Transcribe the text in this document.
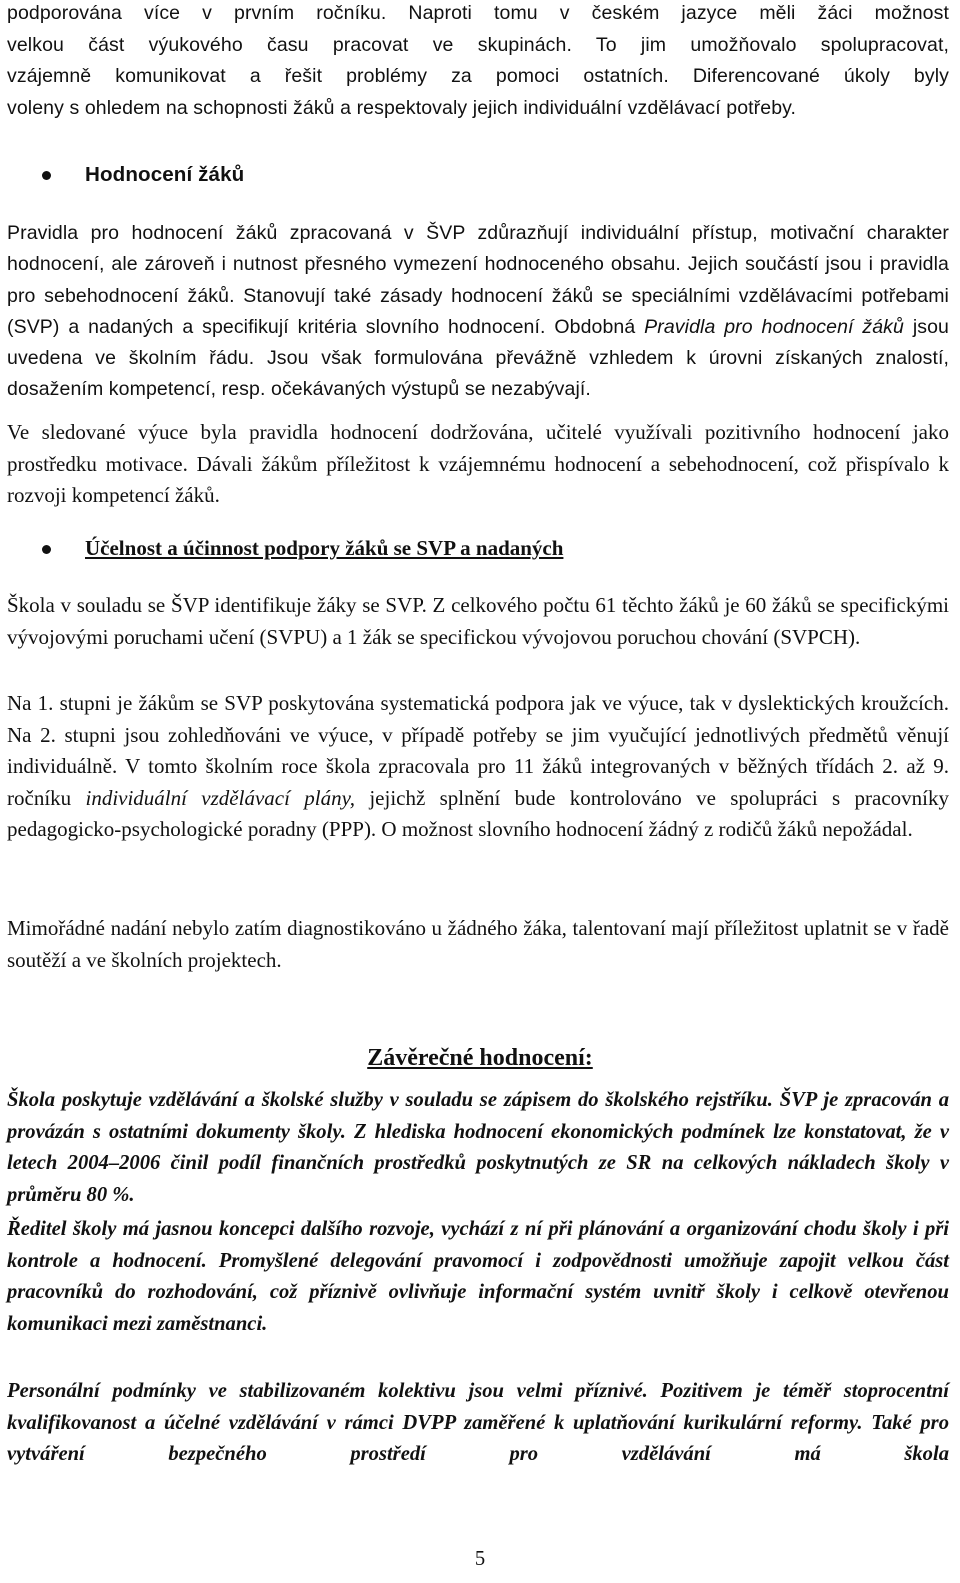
podporována více v prvním ročníku. Naproti tomu v českém jazyce měli žáci možnost
velkou část výukového času pracovat ve skupinách. To jim umožňovalo spolupracovat,
vzájemně komunikovat a řešit problémy za pomoci ostatních. Diferencované úkoly byly
voleny s ohledem na schopnosti žáků a respektovaly jejich individuální vzdělávací potřeby.
Hodnocení žáků

Pravidla pro hodnocení žáků zpracovaná v ŠVP zdůrazňují individuální přístup, motivační charakter hodnocení, ale zároveň i nutnost přesného vymezení hodnoceného obsahu. Jejich součástí jsou i pravidla pro sebehodnocení žáků. Stanovují také zásady hodnocení žáků se speciálními vzdělávacími potřebami (SVP) a nadaných a specifikují kritéria slovního hodnocení. Obdobná Pravidla pro hodnocení žáků jsou uvedena ve školním řádu. Jsou však formulována převážně vzhledem k úrovni získaných znalostí, dosažením kompetencí, resp. očekávaných výstupů se nezabývají.

Ve sledované výuce byla pravidla hodnocení dodržována, učitelé využívali pozitivního hodnocení jako prostředku motivace. Dávali žákům příležitost k vzájemnému hodnocení a sebehodnocení, což přispívalo k rozvoji kompetencí žáků.

Účelnost a účinnost podpory žáků se SVP a nadaných

Škola v souladu se ŠVP identifikuje žáky se SVP. Z celkového počtu 61 těchto žáků je 60 žáků se specifickými vývojovými poruchami učení (SVPU) a 1 žák se specifickou vývojovou poruchou chování (SVPCH).

Na 1. stupni je žákům se SVP poskytována systematická podpora jak ve výuce, tak v dyslektických kroužcích. Na 2. stupni jsou zohledňováni ve výuce, v případě potřeby se jim vyučující jednotlivých předmětů věnují individuálně. V tomto školním roce škola zpracovala pro 11 žáků integrovaných v běžných třídách 2. až 9. ročníku individuální vzdělávací plány, jejichž splnění bude kontrolováno ve spolupráci s pracovníky pedagogicko-psychologické poradny (PPP). O možnost slovního hodnocení žádný z rodičů žáků nepožádal.

Mimořádné nadání nebylo zatím diagnostikováno u žádného žáka, talentovaní mají příležitost uplatnit se v řadě soutěží a ve školních projektech.

Závěrečné hodnocení:

Škola poskytuje vzdělávání a školské služby v souladu se zápisem do školského rejstříku. ŠVP je zpracován a provázán s ostatními dokumenty školy. Z hlediska hodnocení ekonomických podmínek lze konstatovat, že v letech 2004–2006 činil podíl finančních prostředků poskytnutých ze SR na celkových nákladech školy v průměru 80 %.

Ředitel školy má jasnou koncepci dalšího rozvoje, vychází z ní při plánování a organizování chodu školy i při kontrole a hodnocení. Promyšlené delegování pravomocí i zodpovědnosti umožňuje zapojit velkou část pracovníků do rozhodování, což příznivě ovlivňuje informační systém uvnitř školy i celkově otevřenou komunikaci mezi zaměstnanci.

Personální podmínky ve stabilizovaném kolektivu jsou velmi příznivé. Pozitivem je téměř stoprocentní kvalifikovanost a účelné vzdělávání v rámci DVPP zaměřené k uplatňování kurikulární reformy. Také pro vytváření bezpečného prostředí pro vzdělávání má škola

5
